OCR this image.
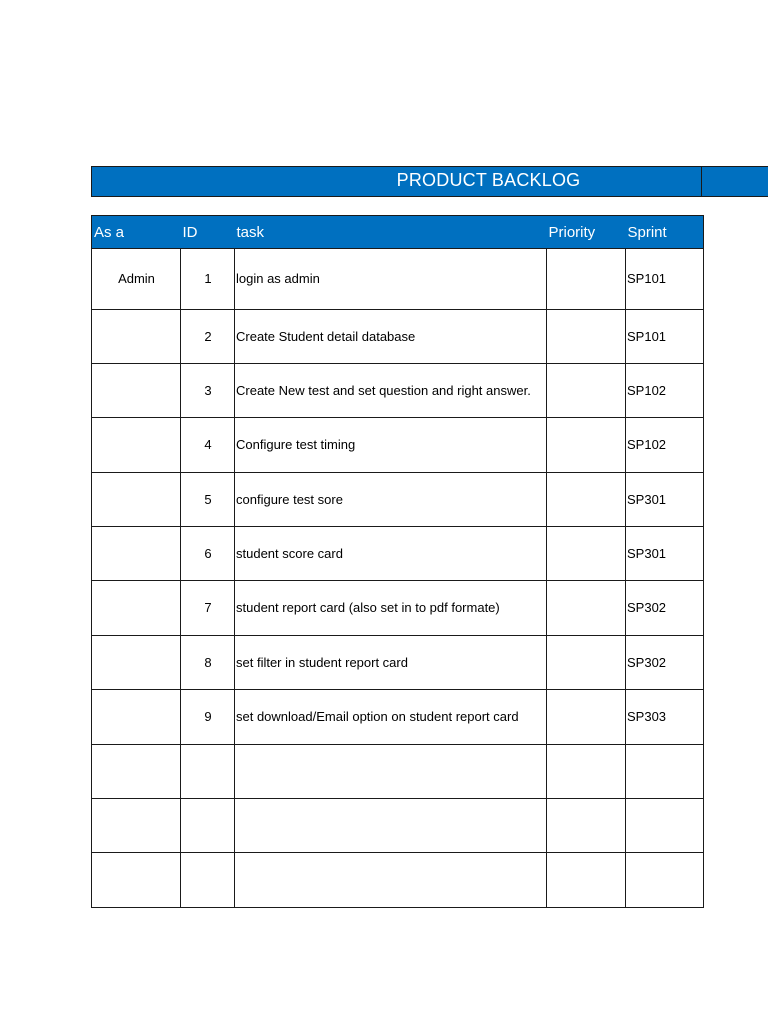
PRODUCT BACKLOG
As a	ID	task	Priority	Sprint
Admin	1	login as admin		SP101
	2	Create Student detail database		SP101
	3	Create New test and set question and right answer.		SP102
	4	Configure test timing		SP102
	5	configure test sore		SP301
	6	student score card		SP301
	7	student report card (also set in to pdf formate)		SP302
	8	set filter in student report card		SP302
	9	set download/Email option on student report card		SP303
